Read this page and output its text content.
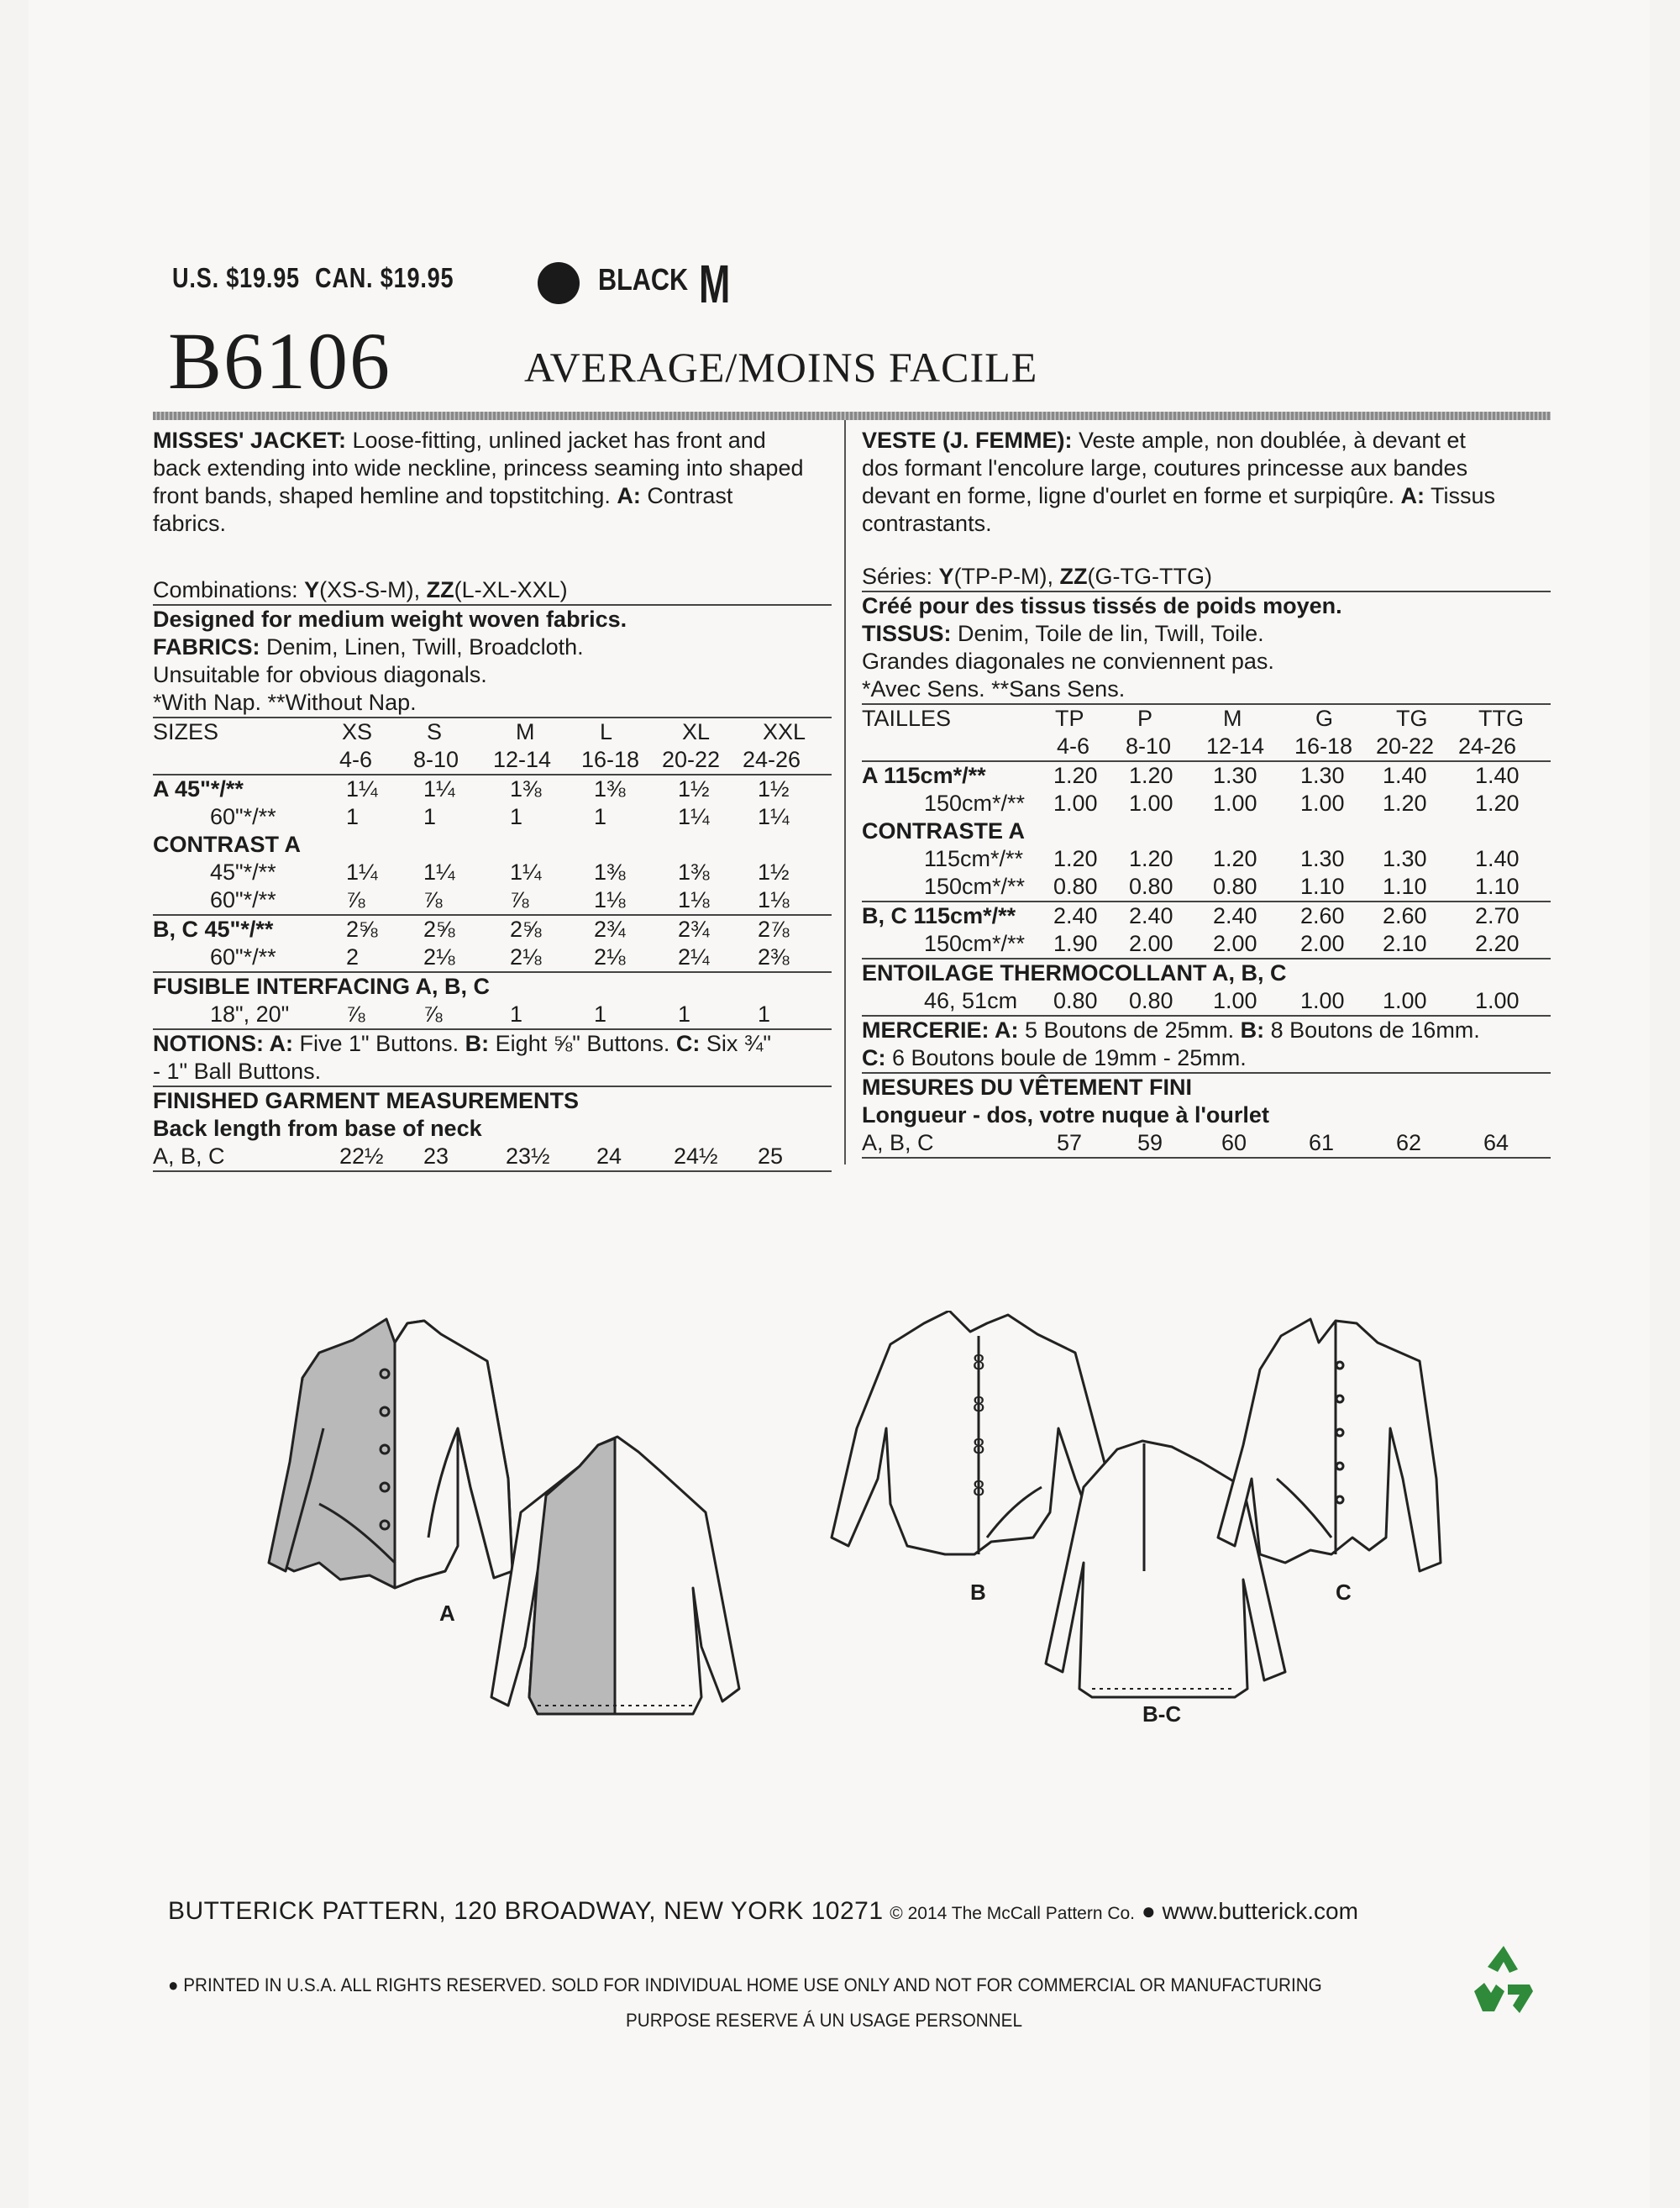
U.S. $19.95 CAN. $19.95	BLACK M
B6106	AVERAGE/MOINS FACILE
MISSES' JACKET: Loose-fitting, unlined jacket has front and
back extending into wide neckline, princess seaming into shaped
front bands, shaped hemline and topstitching. A: Contrast
fabrics.
Combinations: Y(XS-S-M), ZZ(L-XL-XXL)
Designed for medium weight woven fabrics.
FABRICS: Denim, Linen, Twill, Broadcloth.
Unsuitable for obvious diagonals.
*With Nap. **Without Nap.
SIZES	XS S	M	L	XL XXL
4-6 8-10 12-14 16-18 20-22 24-26
A 45"*/**	1¼ 1¼ 1⅜ 1⅜ 1½ 1½
60"*/**	1	1	1	1	1¼ 1¼
CONTRAST A
45"*/**	1¼ 1¼ 1¼ 1⅜ 1⅜ 1½
60"*/**	⅞	⅞	⅞	1⅛ 1⅛ 1⅛
B, C 45"*/**	2⅝ 2⅝ 2⅝ 2¾ 2¾ 2⅞
60"*/**	2	2⅛ 2⅛ 2⅛ 2¼ 2⅜
FUSIBLE INTERFACING A, B, C
18", 20"	⅞	⅞	1	1	1	1
NOTIONS: A: Five 1" Buttons. B: Eight ⅝" Buttons. C: Six ¾"
- 1" Ball Buttons.
FINISHED GARMENT MEASUREMENTS
Back length from base of neck
A, B, C	22½ 23	23½ 24 24½ 25
VESTE (J. FEMME): Veste ample, non doublée, à devant et
dos formant l'encolure large, coutures princesse aux bandes
devant en forme, ligne d'ourlet en forme et surpiqûre. A: Tissus
contrastants.
Séries: Y(TP-P-M), ZZ(G-TG-TTG)
Créé pour des tissus tissés de poids moyen.
TISSUS: Denim, Toile de lin, Twill, Toile.
Grandes diagonales ne conviennent pas.
*Avec Sens. **Sans Sens.
TAILLES	TP P	M	G	TG TTG
4-6 8-10 12-14 16-18 20-22 24-26
A 115cm*/**	1.20 1.20 1.30 1.30 1.40 1.40
150cm*/** 1.00 1.00 1.00 1.00 1.20 1.20
CONTRASTE A
115cm*/** 1.20 1.20 1.20 1.30 1.30 1.40
150cm*/** 0.80 0.80 0.80 1.10 1.10 1.10
B, C 115cm*/** 2.40 2.40 2.40 2.60 2.60 2.70
150cm*/** 1.90 2.00 2.00 2.00 2.10 2.20
ENTOILAGE THERMOCOLLANT A, B, C
46, 51cm 0.80 0.80 1.00 1.00 1.00 1.00
MERCERIE: A: 5 Boutons de 25mm. B: 8 Boutons de 16mm.
C: 6 Boutons boule de 19mm - 25mm.
MESURES DU VÊTEMENT FINI
Longueur - dos, votre nuque à l'ourlet
A, B, C	57 59	60	61	62	64
8
8
8
8
A
B	C
B-C
BUTTERICK PATTERN, 120 BROADWAY, NEW YORK 10271 © 2014 The McCall Pattern Co. ● www.butterick.com
● PRINTED IN U.S.A. ALL RIGHTS RESERVED. SOLD FOR INDIVIDUAL HOME USE ONLY AND NOT FOR COMMERCIAL OR MANUFACTURING
PURPOSE RESERVE Á UN USAGE PERSONNEL
